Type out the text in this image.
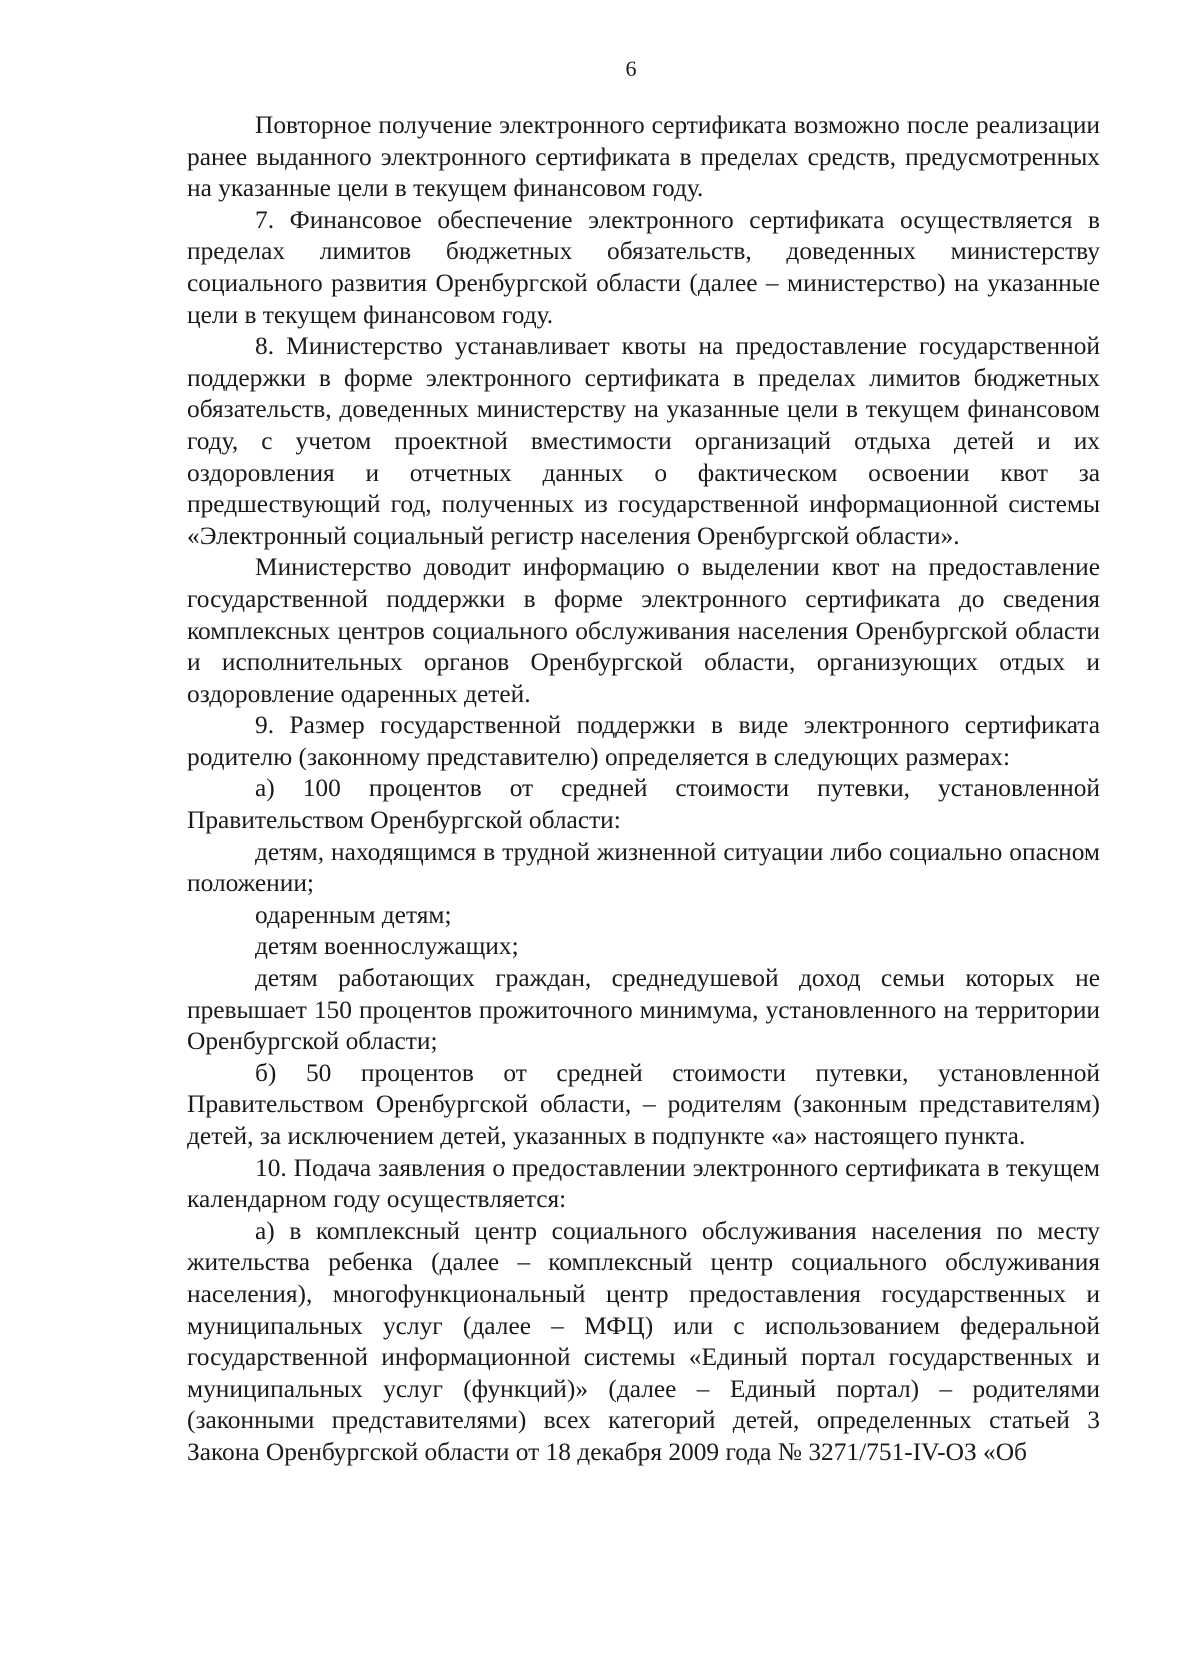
6

Повторное получение электронного сертификата возможно после реализации ранее выданного электронного сертификата в пределах средств, предусмотренных на указанные цели в текущем финансовом году.

7. Финансовое обеспечение электронного сертификата осуществляется в пределах лимитов бюджетных обязательств, доведенных министерству социального развития Оренбургской области (далее – министерство) на указанные цели в текущем финансовом году.

8. Министерство устанавливает квоты на предоставление государственной поддержки в форме электронного сертификата в пределах лимитов бюджетных обязательств, доведенных министерству на указанные цели в текущем финансовом году, с учетом проектной вместимости организаций отдыха детей и их оздоровления и отчетных данных о фактическом освоении квот за предшествующий год, полученных из государственной информационной системы «Электронный социальный регистр населения Оренбургской области».

Министерство доводит информацию о выделении квот на предоставление государственной поддержки в форме электронного сертификата до сведения комплексных центров социального обслуживания населения Оренбургской области и исполнительных органов Оренбургской области, организующих отдых и оздоровление одаренных детей.

9. Размер государственной поддержки в виде электронного сертификата родителю (законному представителю) определяется в следующих размерах:

а) 100 процентов от средней стоимости путевки, установленной Правительством Оренбургской области:

детям, находящимся в трудной жизненной ситуации либо социально опасном положении;

одаренным детям;

детям военнослужащих;

детям работающих граждан, среднедушевой доход семьи которых не превышает 150 процентов прожиточного минимума, установленного на территории Оренбургской области;

б) 50 процентов от средней стоимости путевки, установленной Правительством Оренбургской области, – родителям (законным представителям) детей, за исключением детей, указанных в подпункте «а» настоящего пункта.

10. Подача заявления о предоставлении электронного сертификата в текущем календарном году осуществляется:

а) в комплексный центр социального обслуживания населения по месту жительства ребенка (далее – комплексный центр социального обслуживания населения), многофункциональный центр предоставления государственных и муниципальных услуг (далее – МФЦ) или с использованием федеральной государственной информационной системы «Единый портал государственных и муниципальных услуг (функций)» (далее – Единый портал) – родителями (законными представителями) всех категорий детей, определенных статьей 3 Закона Оренбургской области от 18 декабря 2009 года № 3271/751-IV-ОЗ «Об
